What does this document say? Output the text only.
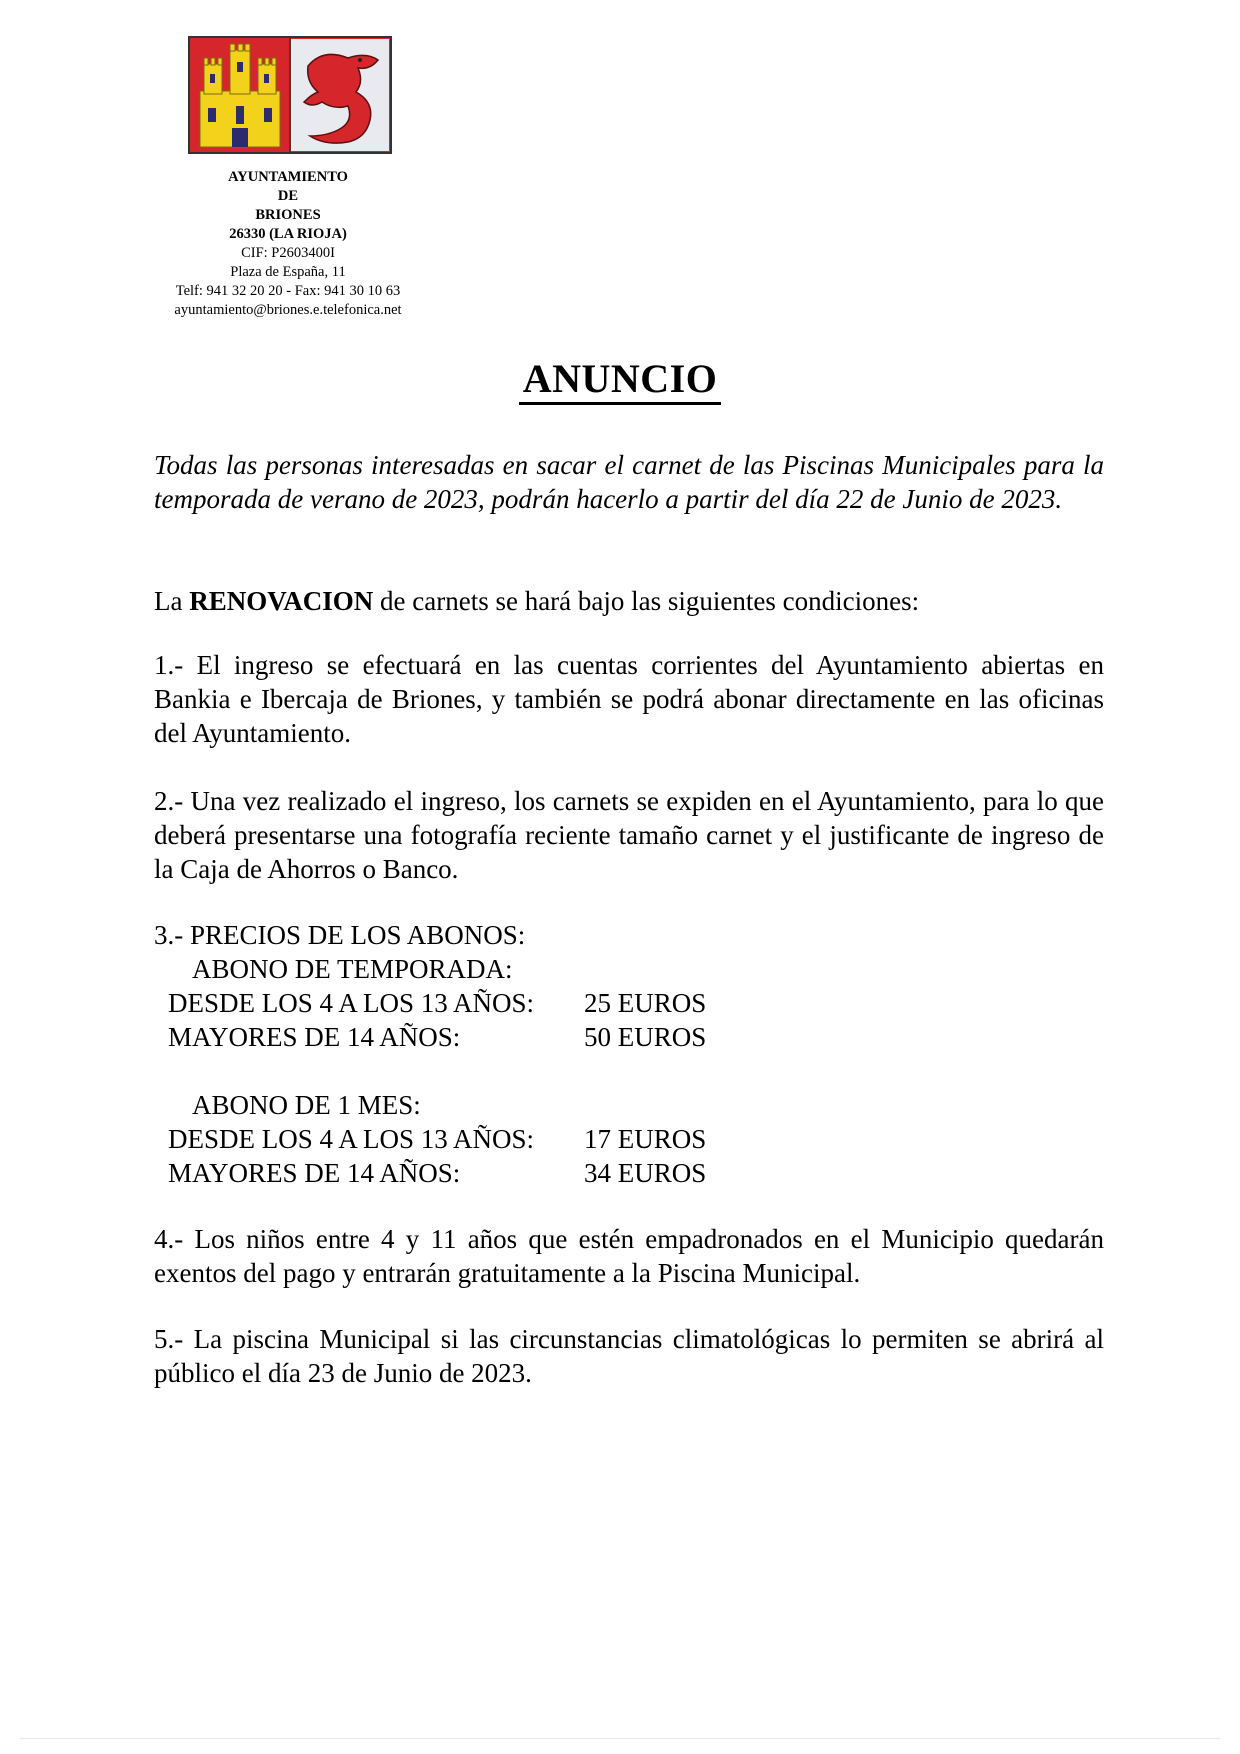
AYUNTAMIENTO
DE
BRIONES
26330 (LA RIOJA)
CIF: P2603400I
Plaza de España, 11
Telf: 941 32 20 20 - Fax: 941 30 10 63
ayuntamiento@briones.e.telefonica.net
ANUNCIO
Todas las personas interesadas en sacar el carnet de las Piscinas Municipales para la temporada de verano de 2023, podrán hacerlo a partir del día 22 de Junio de 2023.
La RENOVACION de carnets se hará bajo las siguientes condiciones:
1.- El ingreso se efectuará en las cuentas corrientes del Ayuntamiento abiertas en Bankia e Ibercaja de Briones, y también se podrá abonar directamente en las oficinas del Ayuntamiento.
2.- Una vez realizado el ingreso, los carnets se expiden en el Ayuntamiento, para lo que deberá presentarse una fotografía reciente tamaño carnet y el justificante de ingreso de la Caja de Ahorros o Banco.
3.- PRECIOS DE LOS ABONOS:
ABONO DE TEMPORADA:
DESDE LOS 4 A LOS 13 AÑOS: 25 EUROS
MAYORES DE 14 AÑOS:	50 EUROS
ABONO DE 1 MES:
DESDE LOS 4 A LOS 13 AÑOS: 17 EUROS
MAYORES DE 14 AÑOS:	34 EUROS
4.- Los niños entre 4 y 11 años que estén empadronados en el Municipio quedarán exentos del pago y entrarán gratuitamente a la Piscina Municipal.
5.- La piscina Municipal si las circunstancias climatológicas lo permiten se abrirá al público el día 23 de Junio de 2023.
